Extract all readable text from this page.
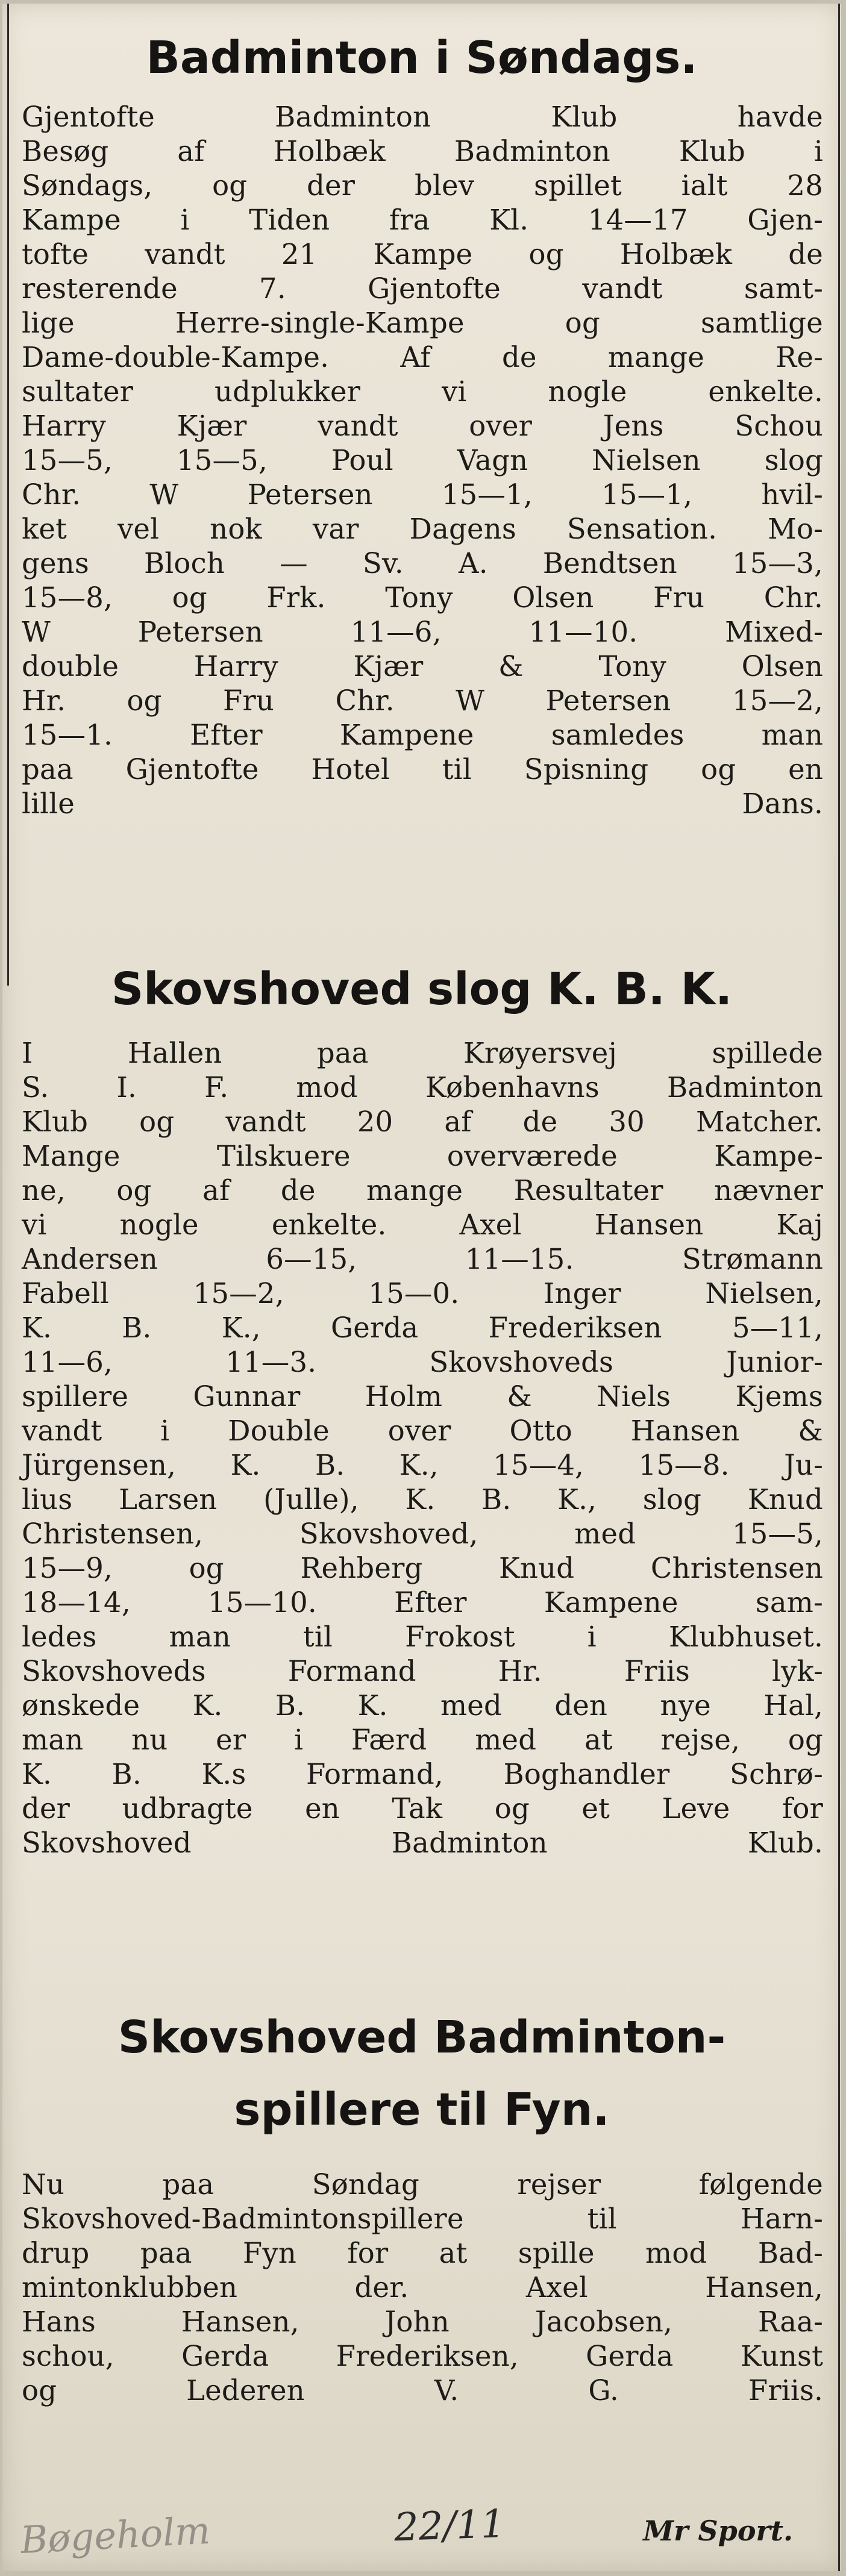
Badminton i Søndags.

Gjentofte Badminton Klub havde
Besøg af Holbæk Badminton Klub i
Søndags, og der blev spillet ialt 28
Kampe i Tiden fra Kl. 14—17 Gjen-
tofte vandt 21 Kampe og Holbæk de
resterende 7. Gjentofte vandt samt-
lige Herre-single-Kampe og samtlige
Dame-double-Kampe. Af de mange Re-
sultater udplukker vi nogle enkelte.
Harry Kjær vandt over Jens Schou
15—5, 15—5, Poul Vagn Nielsen slog
Chr. W Petersen 15—1, 15—1, hvil-
ket vel nok var Dagens Sensation. Mo-
gens Bloch — Sv. A. Bendtsen 15—3,
15—8, og Frk. Tony Olsen Fru Chr.
W Petersen 11—6, 11—10. Mixed-
double Harry Kjær & Tony Olsen
Hr. og Fru Chr. W Petersen 15—2,
15—1. Efter Kampene samledes man
paa Gjentofte Hotel til Spisning og en
lille Dans.

Skovshoved slog K. B. K.

I Hallen paa Krøyersvej spillede
S. I. F. mod Københavns Badminton
Klub og vandt 20 af de 30 Matcher.
Mange Tilskuere overværede Kampe-
ne, og af de mange Resultater nævner
vi nogle enkelte. Axel Hansen Kaj
Andersen 6—15, 11—15. Strømann
Fabell 15—2, 15—0. Inger Nielsen,
K. B. K., Gerda Frederiksen 5—11,
11—6, 11—3. Skovshoveds Junior-
spillere Gunnar Holm & Niels Kjems
vandt i Double over Otto Hansen &
Jürgensen, K. B. K., 15—4, 15—8. Ju-
lius Larsen (Julle), K. B. K., slog Knud
Christensen, Skovshoved, med 15—5,
15—9, og Rehberg Knud Christensen
18—14, 15—10. Efter Kampene sam-
ledes man til Frokost i Klubhuset.
Skovshoveds Formand Hr. Friis lyk-
ønskede K. B. K. med den nye Hal,
man nu er i Færd med at rejse, og
K. B. K.s Formand, Boghandler Schrø-
der udbragte en Tak og et Leve for
Skovshoved Badminton Klub.

Skovshoved Badminton-
spillere til Fyn.

Nu paa Søndag rejser følgende
Skovshoved-Badmintonspillere til Harn-
drup paa Fyn for at spille mod Bad-
mintonklubben der. Axel Hansen,
Hans Hansen, John Jacobsen, Raa-
schou, Gerda Frederiksen, Gerda Kunst
og Lederen V. G. Friis.

Bøgeholm	22/11	Mr Sport.
